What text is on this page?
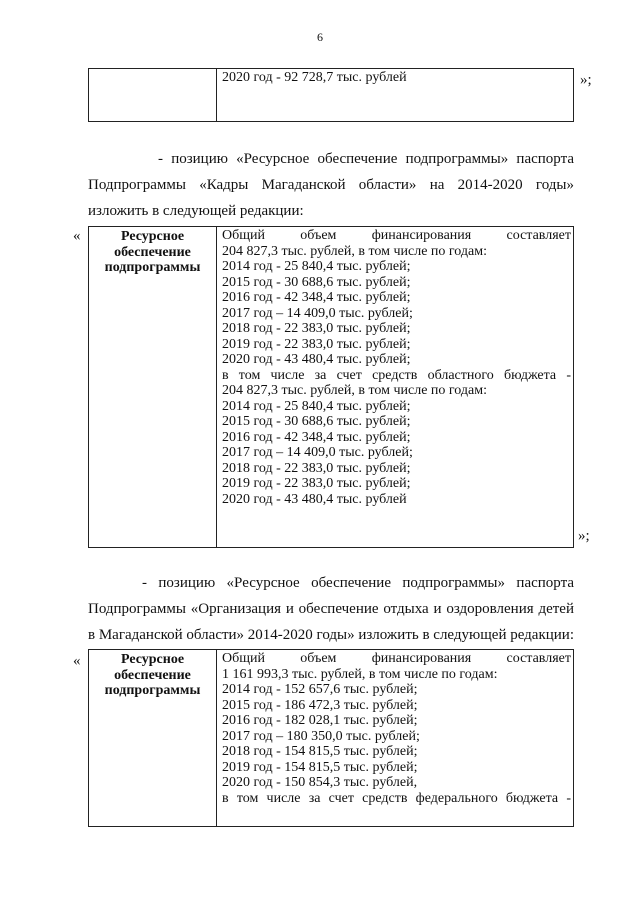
6

2020 год - 92 728,7 тыс. рублей	»;
- позицию «Ресурсное обеспечение подпрограммы» паспорта
Подпрограммы «Кадры Магаданской области» на 2014-2020 годы»
изложить в следующей редакции:
«	Ресурсное
обеспечение
подпрограммы

Общий объем финансирования составляет
204 827,3 тыс. рублей, в том числе по годам:
2014 год - 25 840,4 тыс. рублей;
2015 год - 30 688,6 тыс. рублей;
2016 год - 42 348,4 тыс. рублей;
2017 год – 14 409,0 тыс. рублей;
2018 год - 22 383,0 тыс. рублей;
2019 год - 22 383,0 тыс. рублей;
2020 год - 43 480,4 тыс. рублей;
в том числе за счет средств областного бюджета -
204 827,3 тыс. рублей, в том числе по годам:
2014 год - 25 840,4 тыс. рублей;
2015 год - 30 688,6 тыс. рублей;
2016 год - 42 348,4 тыс. рублей;
2017 год – 14 409,0 тыс. рублей;
2018 год - 22 383,0 тыс. рублей;
2019 год - 22 383,0 тыс. рублей;
2020 год - 43 480,4 тыс. рублей
»;
- позицию «Ресурсное обеспечение подпрограммы» паспорта
Подпрограммы «Организация и обеспечение отдыха и оздоровления детей
в Магаданской области» 2014-2020 годы» изложить в следующей редакции:
«	Ресурсное
обеспечение
подпрограммы

Общий объем финансирования составляет
1 161 993,3 тыс. рублей, в том числе по годам:
2014 год - 152 657,6 тыс. рублей;
2015 год - 186 472,3 тыс. рублей;
2016 год - 182 028,1 тыс. рублей;
2017 год – 180 350,0 тыс. рублей;
2018 год - 154 815,5 тыс. рублей;
2019 год - 154 815,5 тыс. рублей;
2020 год - 150 854,3 тыс. рублей,
в том числе за счет средств федерального бюджета -
